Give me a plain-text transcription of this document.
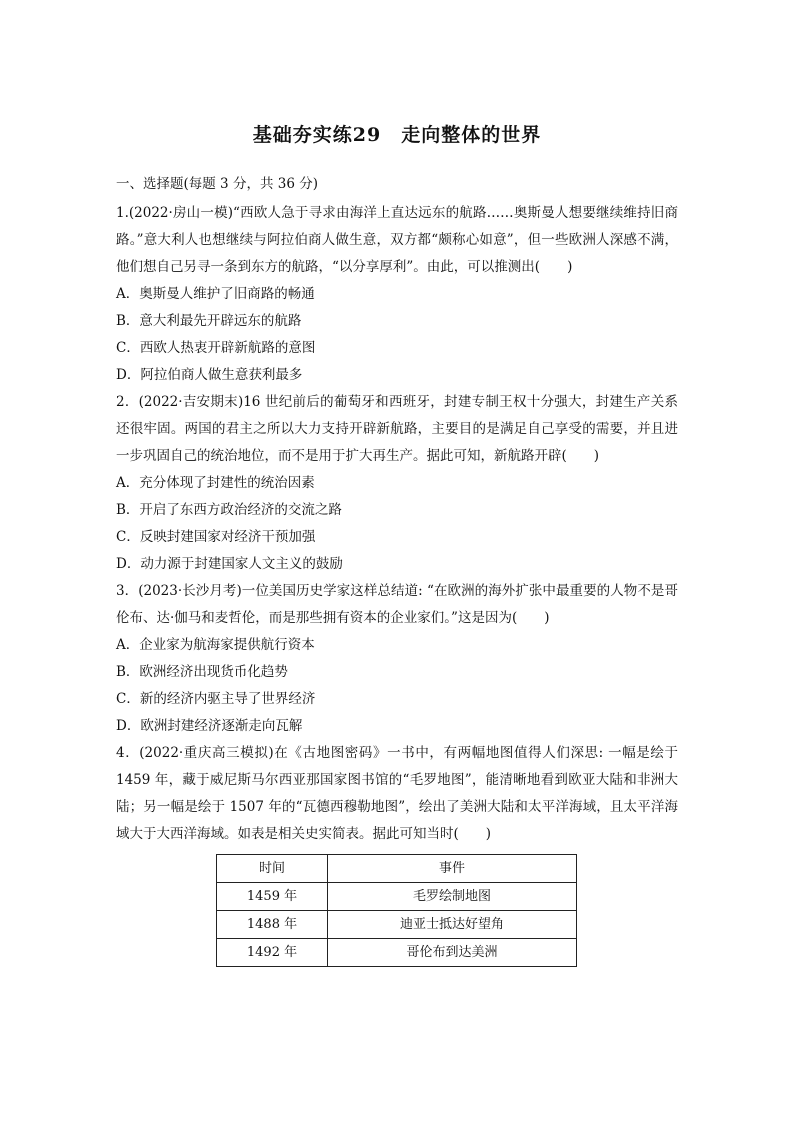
基础夯实练29　走向整体的世界
一、选择题(每题 3 分，共 36 分)

1.(2022·房山一模)“西欧人急于寻求由海洋上直达远东的航路……奥斯曼人想要继续维持旧商路。”意大利人也想继续与阿拉伯商人做生意，双方都“颇称心如意”，但一些欧洲人深感不满，他们想自己另寻一条到东方的航路，“以分享厚利”。由此，可以推测出(　　)

A．奥斯曼人维护了旧商路的畅通

B．意大利最先开辟远东的航路

C．西欧人热衷开辟新航路的意图

D．阿拉伯商人做生意获利最多

2．(2022·吉安期末)16 世纪前后的葡萄牙和西班牙，封建专制王权十分强大，封建生产关系还很牢固。两国的君主之所以大力支持开辟新航路，主要目的是满足自己享受的需要，并且进一步巩固自己的统治地位，而不是用于扩大再生产。据此可知，新航路开辟(　　)

A．充分体现了封建性的统治因素

B．开启了东西方政治经济的交流之路

C．反映封建国家对经济干预加强

D．动力源于封建国家人文主义的鼓励

3．(2023·长沙月考)一位美国历史学家这样总结道: “在欧洲的海外扩张中最重要的人物不是哥伦布、达·伽马和麦哲伦，而是那些拥有资本的企业家们。”这是因为(　　)

A．企业家为航海家提供航行资本

B．欧洲经济出现货币化趋势

C．新的经济内驱主导了世界经济

D．欧洲封建经济逐渐走向瓦解

4．(2022·重庆高三模拟)在《古地图密码》一书中，有两幅地图值得人们深思: 一幅是绘于 1459 年，藏于威尼斯马尔西亚那国家图书馆的“毛罗地图”，能清晰地看到欧亚大陆和非洲大陆；另一幅是绘于 1507 年的“瓦德西穆勒地图”，绘出了美洲大陆和太平洋海域，且太平洋海域大于大西洋海域。如表是相关史实简表。据此可知当时(　　)

时间	事件
1459 年	毛罗绘制地图
1488 年	迪亚士抵达好望角
1492 年	哥伦布到达美洲
